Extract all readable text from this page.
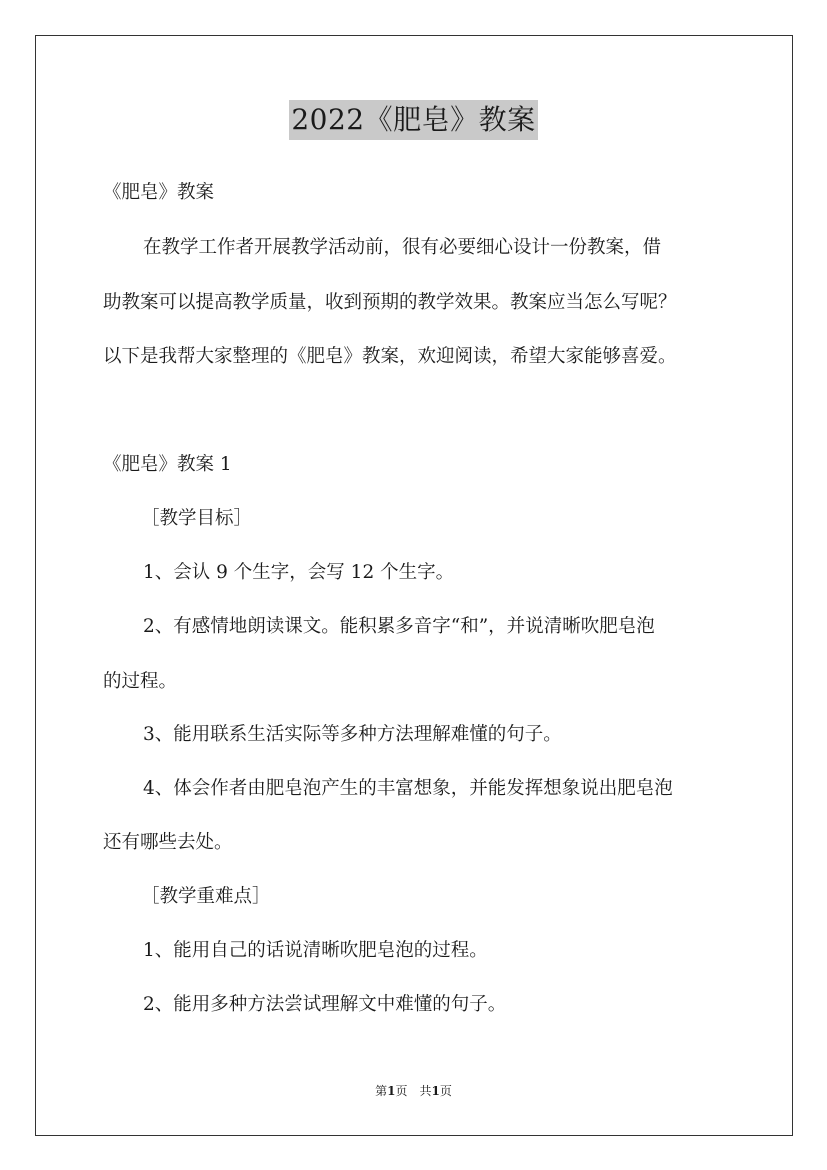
2022《肥皂》教案
《肥皂》教案
在教学工作者开展教学活动前，很有必要细心设计一份教案，借
助教案可以提高教学质量，收到预期的教学效果。教案应当怎么写呢？
以下是我帮大家整理的《肥皂》教案，欢迎阅读，希望大家能够喜爱。
《肥皂》教案 1
［教学目标］
1、会认 9 个生字，会写 12 个生字。
2、有感情地朗读课文。能积累多音字“和”，并说清晰吹肥皂泡
的过程。
3、能用联系生活实际等多种方法理解难懂的句子。
4、体会作者由肥皂泡产生的丰富想象，并能发挥想象说出肥皂泡
还有哪些去处。
［教学重难点］
1、能用自己的话说清晰吹肥皂泡的过程。
2、能用多种方法尝试理解文中难懂的句子。
第1页　共1页
